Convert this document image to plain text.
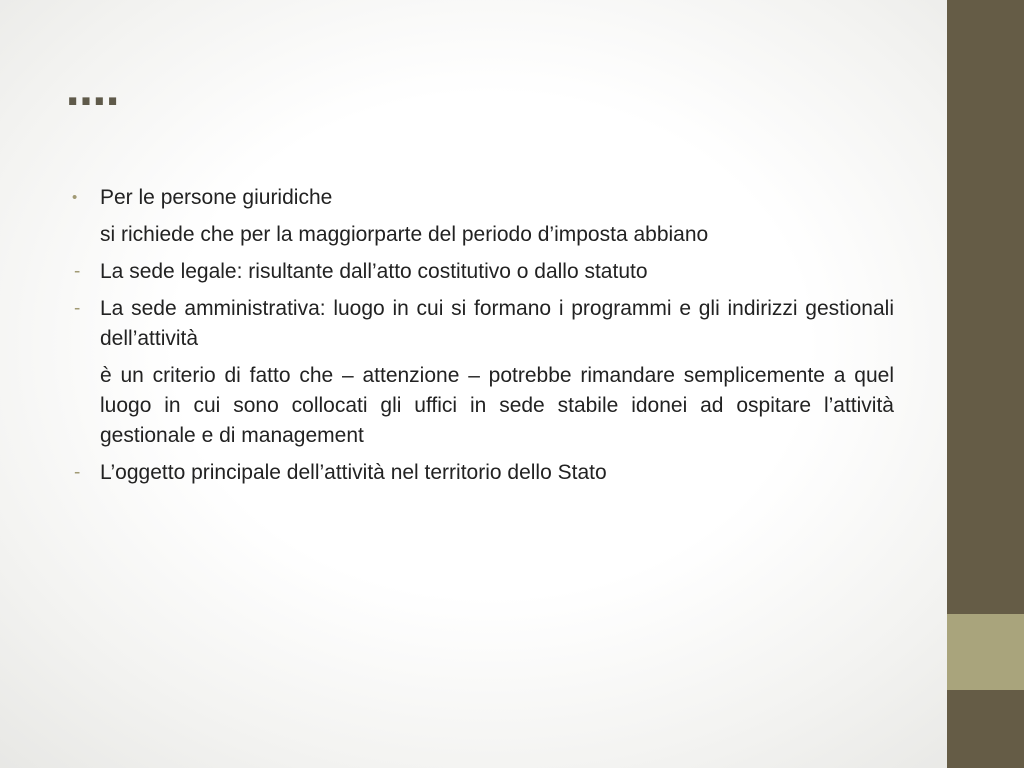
….
•	Per le persone giuridiche
si richiede che per la maggiorparte del periodo d’imposta abbiano
- La sede legale: risultante dall’atto costitutivo o dallo statuto
- La sede amministrativa: luogo in cui si formano i programmi e gli indirizzi gestionali dell’attività
è un criterio di fatto che – attenzione – potrebbe rimandare semplicemente a quel luogo in cui sono collocati gli uffici in sede stabile idonei ad ospitare l’attività gestionale e di management
- L’oggetto principale dell’attività nel territorio dello Stato
